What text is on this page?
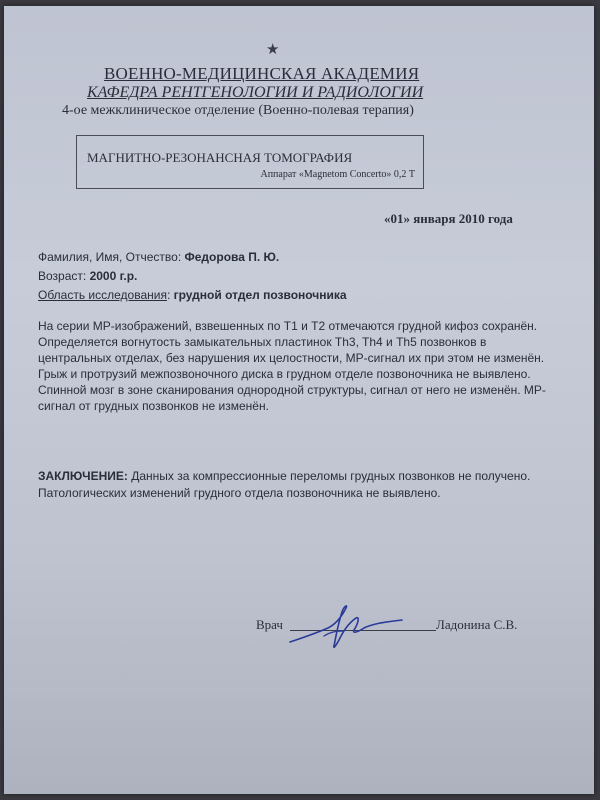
★
ВОЕННО-МЕДИЦИНСКАЯ АКАДЕМИЯ
КАФЕДРА РЕНТГЕНОЛОГИИ И РАДИОЛОГИИ
4-ое межклиническое отделение (Военно-полевая терапия)
МАГНИТНО-РЕЗОНАНСНАЯ ТОМОГРАФИЯ
Аппарат «Magnetom Concerto» 0,2 Т
«01» января 2010 года
Фамилия, Имя, Отчество: Федорова П. Ю.
Возраст: 2000 г.р.
Область исследования: грудной отдел позвоночника

На серии МР-изображений, взвешенных по Т1 и Т2 отмечаются грудной кифоз сохранён. Определяется вогнутость замыкательных пластинок Th3, Th4 и Th5 позвонков в центральных отделах, без нарушения их целостности, МР-сигнал их при этом не изменён.

Грыж и протрузий межпозвоночного диска в грудном отделе позвоночника не выявлено.

Спинной мозг в зоне сканирования однородной структуры, сигнал от него не изменён. МР-сигнал от грудных позвонков не изменён.

ЗАКЛЮЧЕНИЕ: Данных за компрессионные переломы грудных позвонков не получено. Патологических изменений грудного отдела позвоночника не выявлено.
Врач	Ладонина С.В.
